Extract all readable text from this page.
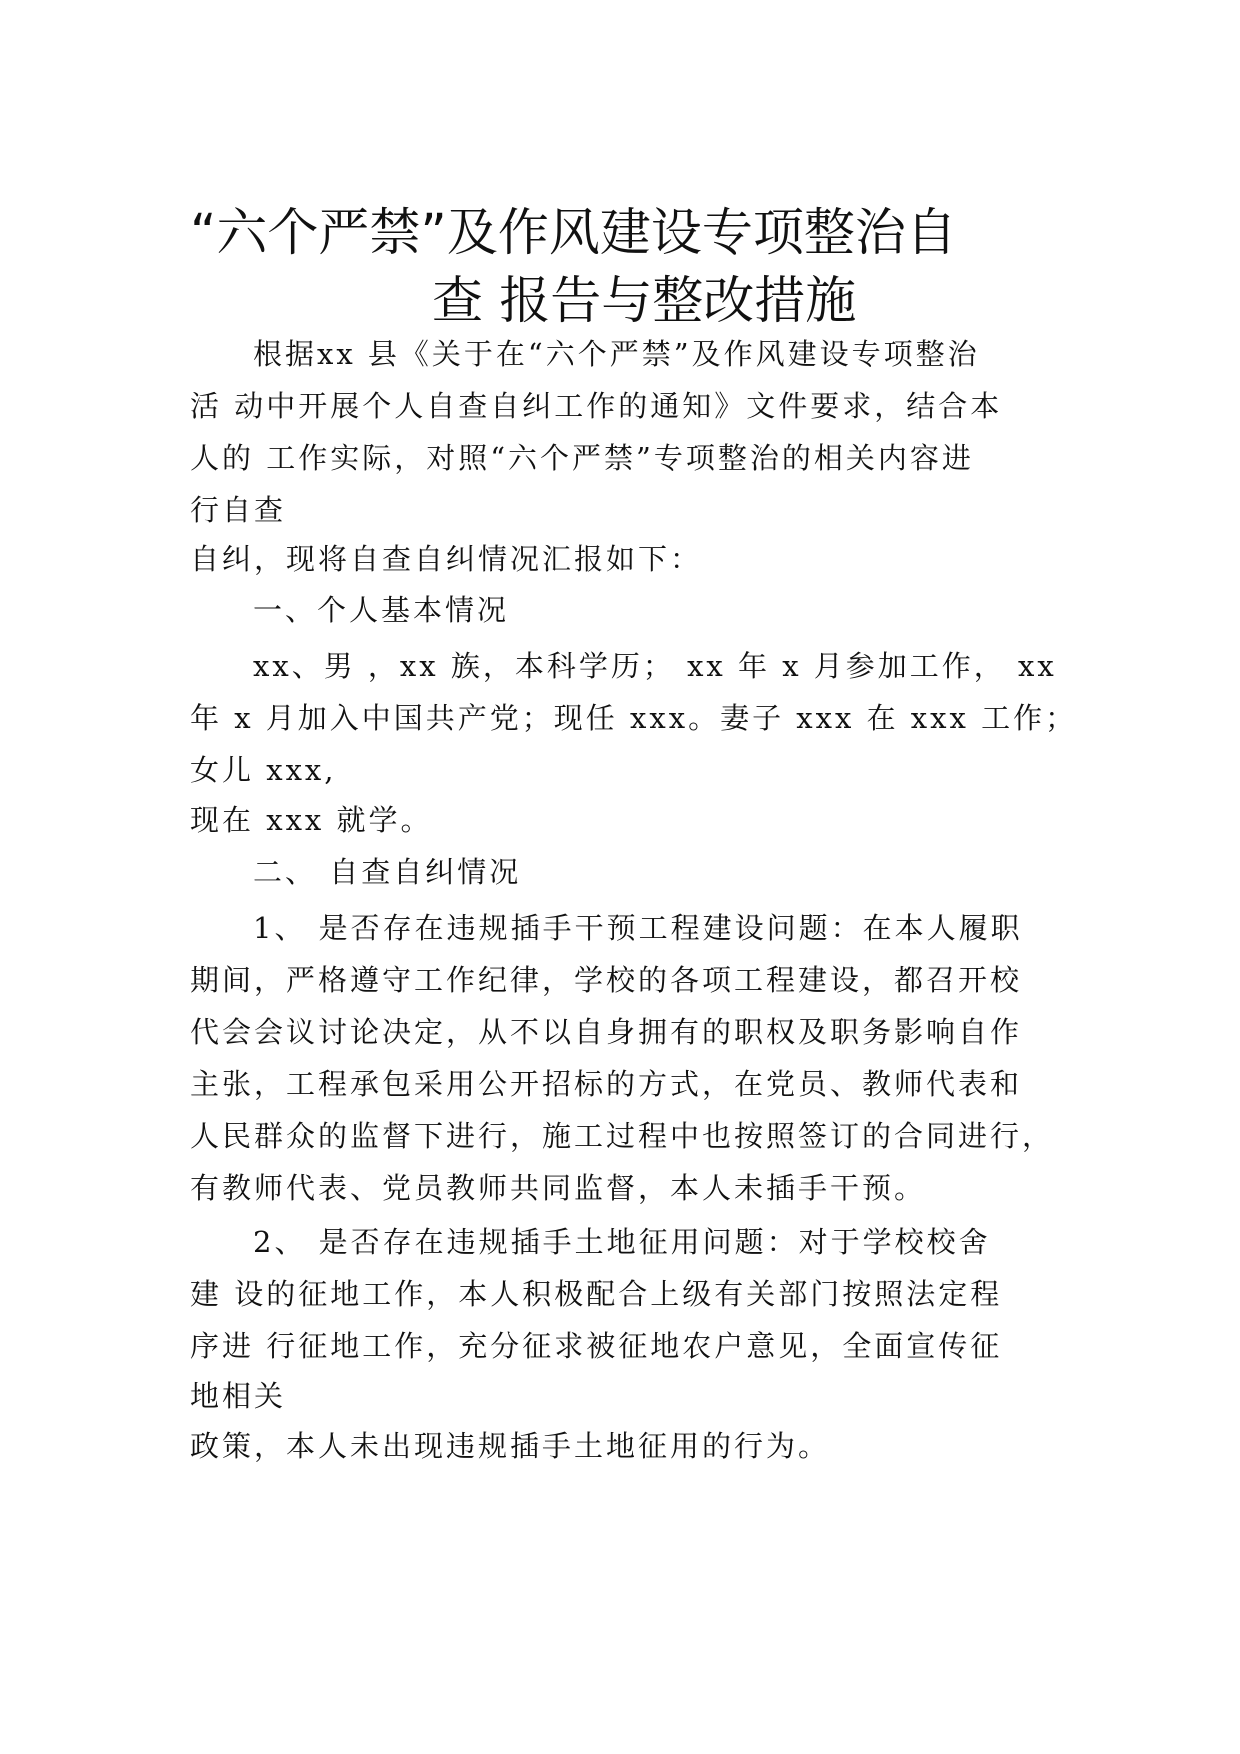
“六个严禁”及作风建设专项整治自
查 报告与整改措施
根据xx 县《关于在“六个严禁”及作风建设专项整治
活 动中开展个人自查自纠工作的通知》文件要求，结合本
人的 工作实际，对照“六个严禁”专项整治的相关内容进
行自查
自纠，现将自查自纠情况汇报如下：
一、个人基本情况
xx、男 ，xx 族，本科学历； xx 年 x 月参加工作， xx
年 x 月加入中国共产党；现任 xxx。妻子 xxx 在 xxx 工作；
女儿 xxx,
现在 xxx 就学。
二、 自查自纠情况
1、 是否存在违规插手干预工程建设问题：在本人履职
期间，严格遵守工作纪律，学校的各项工程建设，都召开校
代会会议讨论决定，从不以自身拥有的职权及职务影响自作
主张，工程承包采用公开招标的方式，在党员、教师代表和
人民群众的监督下进行，施工过程中也按照签订的合同进行，
有教师代表、党员教师共同监督，本人未插手干预。
2、 是否存在违规插手土地征用问题：对于学校校舍
建 设的征地工作，本人积极配合上级有关部门按照法定程
序进 行征地工作，充分征求被征地农户意见，全面宣传征
地相关
政策，本人未出现违规插手土地征用的行为。
